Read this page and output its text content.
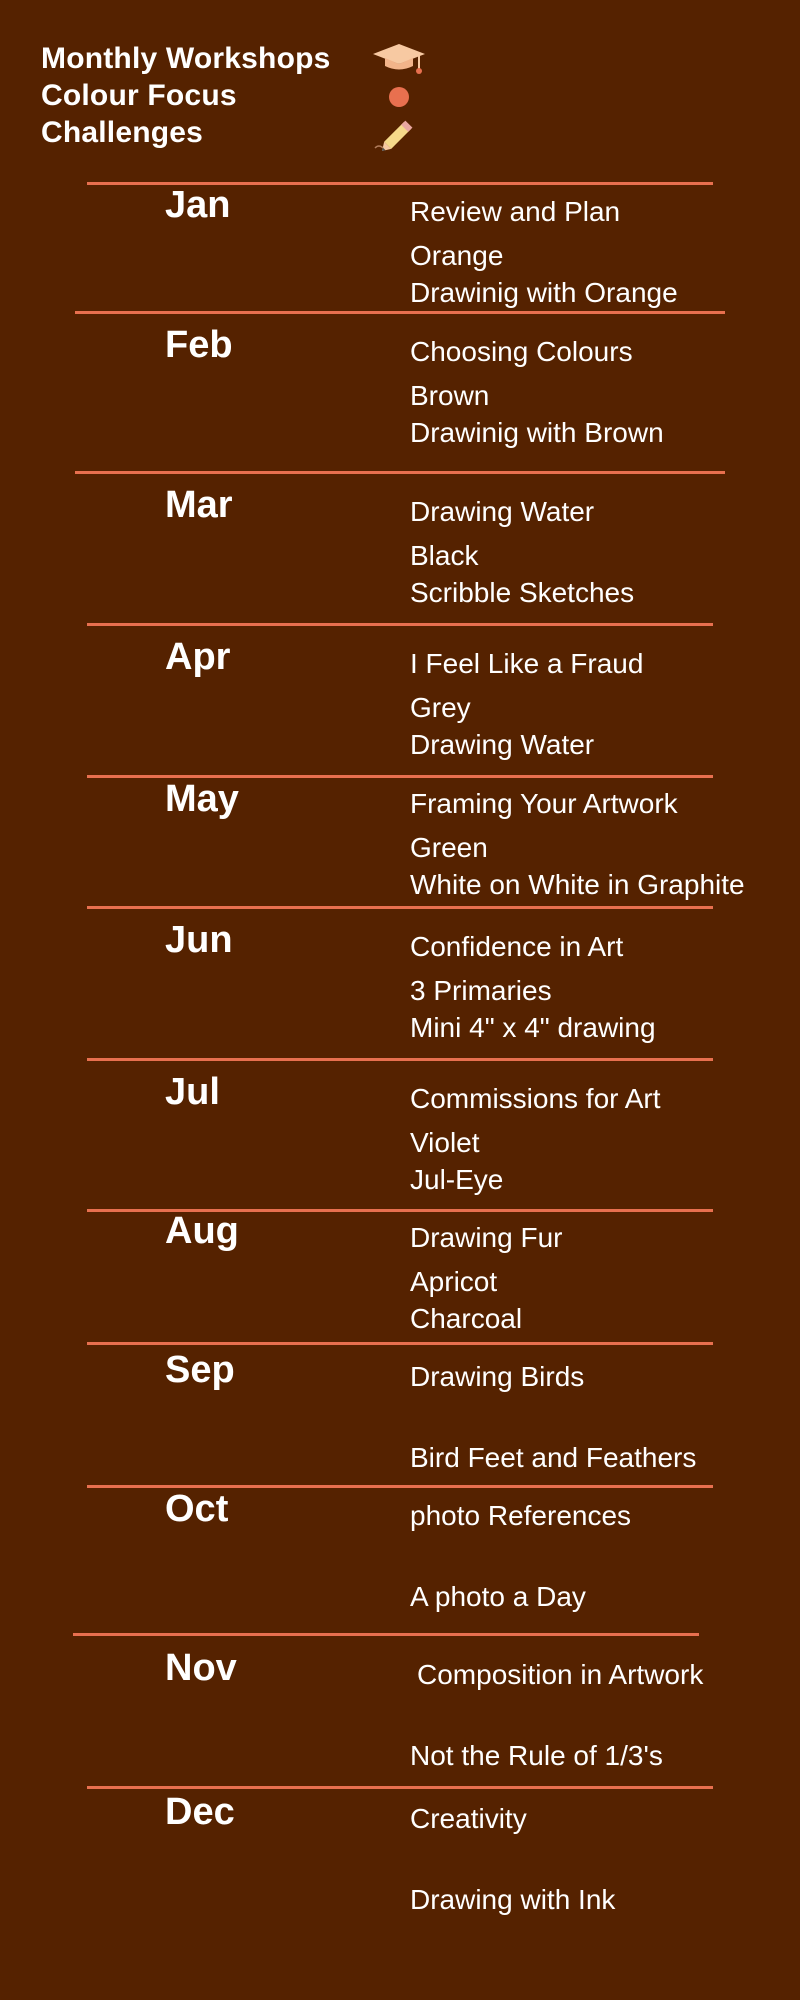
Monthly Workshops
Colour Focus
Challenges
Jan	Review and Plan
Orange
Drawinig with Orange
Feb	Choosing Colours
Brown
Drawinig with Brown
Mar	Drawing Water
Black
Scribble Sketches
Apr	I Feel Like a Fraud
Grey
Drawing Water
May	Framing Your Artwork
Green
White on White in Graphite
Jun	Confidence in Art
3 Primaries
Mini 4" x 4" drawing
Jul	Commissions for Art
Violet
Jul-Eye
Aug	Drawing Fur
Apricot
Charcoal
Sep	Drawing Birds
Bird Feet and Feathers
Oct	photo References
A photo a Day
Nov	Composition in Artwork
Not the Rule of 1/3's
Dec	Creativity
Drawing with Ink
